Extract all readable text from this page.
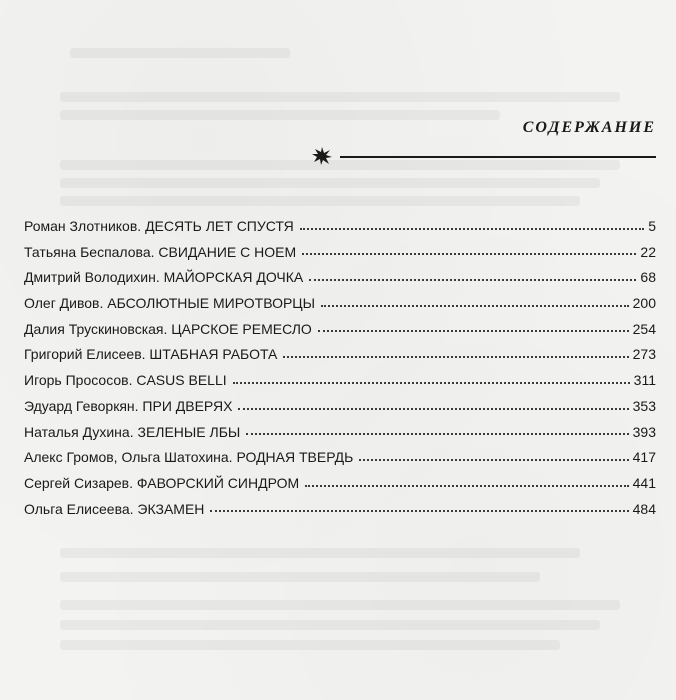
СОДЕРЖАНИЕ
Роман Злотников. ДЕСЯТЬ ЛЕТ СПУСТЯ	5
Татьяна Беспалова. СВИДАНИЕ С НОЕМ	22
Дмитрий Володихин. МАЙОРСКАЯ ДОЧКА	68
Олег Дивов. АБСОЛЮТНЫЕ МИРОТВОРЦЫ	200
Далия Трускиновская. ЦАРСКОЕ РЕМЕСЛО	254
Григорий Елисеев. ШТАБНАЯ РАБОТА	273
Игорь Прососов. CASUS BELLI	311
Эдуард Геворкян. ПРИ ДВЕРЯХ	353
Наталья Духина. ЗЕЛЕНЫЕ ЛБЫ	393
Алекс Громов, Ольга Шатохина. РОДНАЯ ТВЕРДЬ	417
Сергей Сизарев. ФАВОРСКИЙ СИНДРОМ	441
Ольга Елисеева. ЭКЗАМЕН	484
